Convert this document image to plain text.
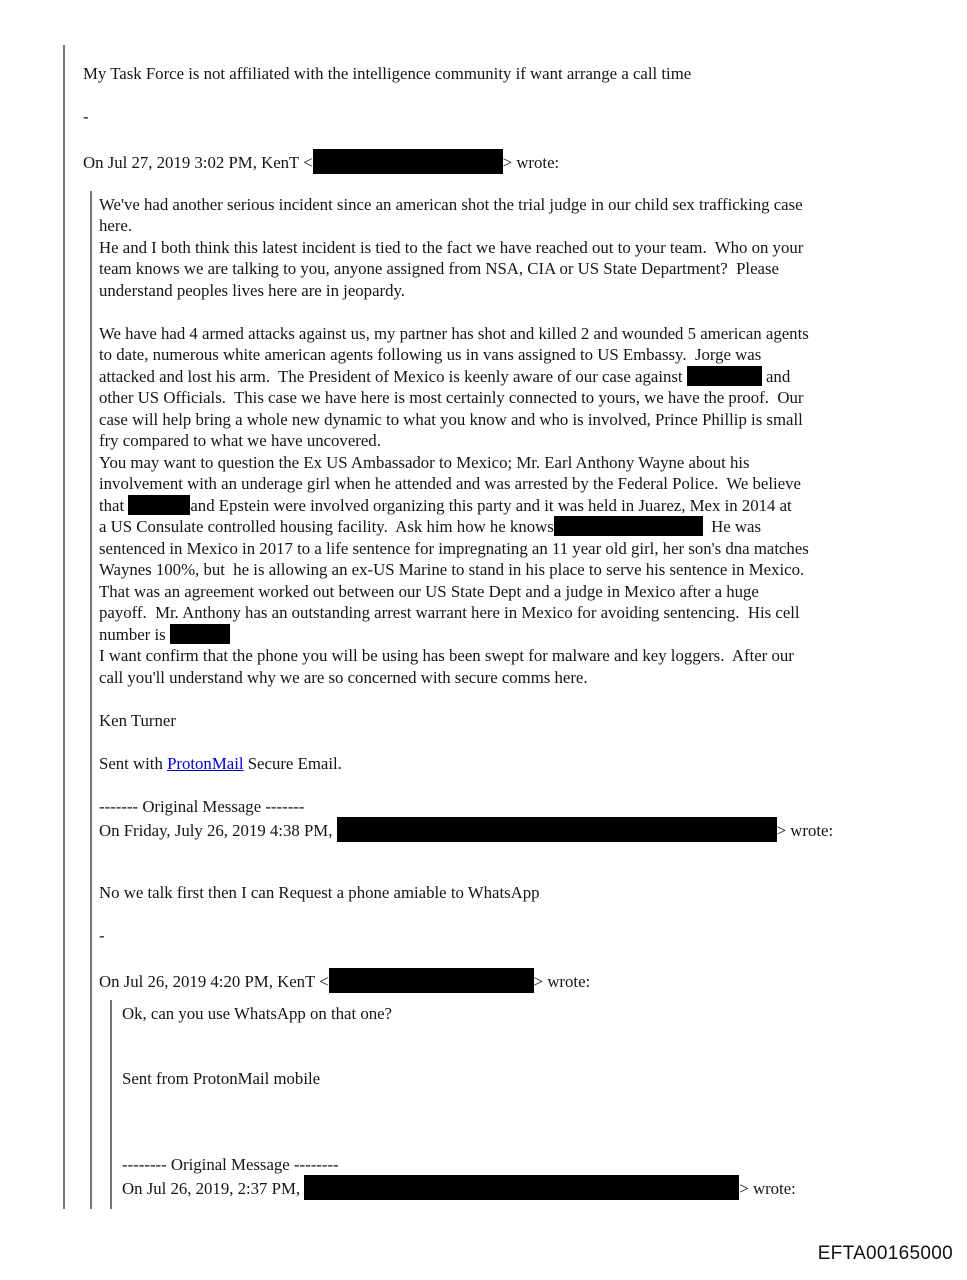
My Task Force is not affiliated with the intelligence community if want arrange a call time

-

On Jul 27, 2019 3:02 PM, KenT <	> wrote:
We've had another serious incident since an american shot the trial judge in our child sex trafficking case
here.
He and I both think this latest incident is tied to the fact we have reached out to your team.  Who on your
team knows we are talking to you, anyone assigned from NSA, CIA or US State Department?  Please
understand peoples lives here are in jeopardy.

We have had 4 armed attacks against us, my partner has shot and killed 2 and wounded 5 american agents
to date, numerous white american agents following us in vans assigned to US Embassy.  Jorge was
attacked and lost his arm.  The President of Mexico is keenly aware of our case against	and
other US Officials.  This case we have here is most certainly connected to yours, we have the proof.  Our
case will help bring a whole new dynamic to what you know and who is involved, Prince Phillip is small
fry compared to what we have uncovered.
You may want to question the Ex US Ambassador to Mexico; Mr. Earl Anthony Wayne about his
involvement with an underage girl when he attended and was arrested by the Federal Police.  We believe
that	and Epstein were involved organizing this party and it was held in Juarez, Mex in 2014 at
a US Consulate controlled housing facility.  Ask him how he knows	He was
sentenced in Mexico in 2017 to a life sentence for impregnating an 11 year old girl, her son's dna matches
Waynes 100%, but  he is allowing an ex-US Marine to stand in his place to serve his sentence in Mexico.
That was an agreement worked out between our US State Dept and a judge in Mexico after a huge
payoff.  Mr. Anthony has an outstanding arrest warrant here in Mexico for avoiding sentencing.  His cell
number is
I want confirm that the phone you will be using has been swept for malware and key loggers.  After our
call you'll understand why we are so concerned with secure comms here.

Ken Turner

Sent with ProtonMail Secure Email.

------- Original Message -------
On Friday, July 26, 2019 4:38 PM,	> wrote:

No we talk first then I can Request a phone amiable to WhatsApp

-

On Jul 26, 2019 4:20 PM, KenT <	> wrote:
Ok, can you use WhatsApp on that one?

Sent from ProtonMail mobile

-------- Original Message --------
On Jul 26, 2019, 2:37 PM,	> wrote:
EFTA00165000
